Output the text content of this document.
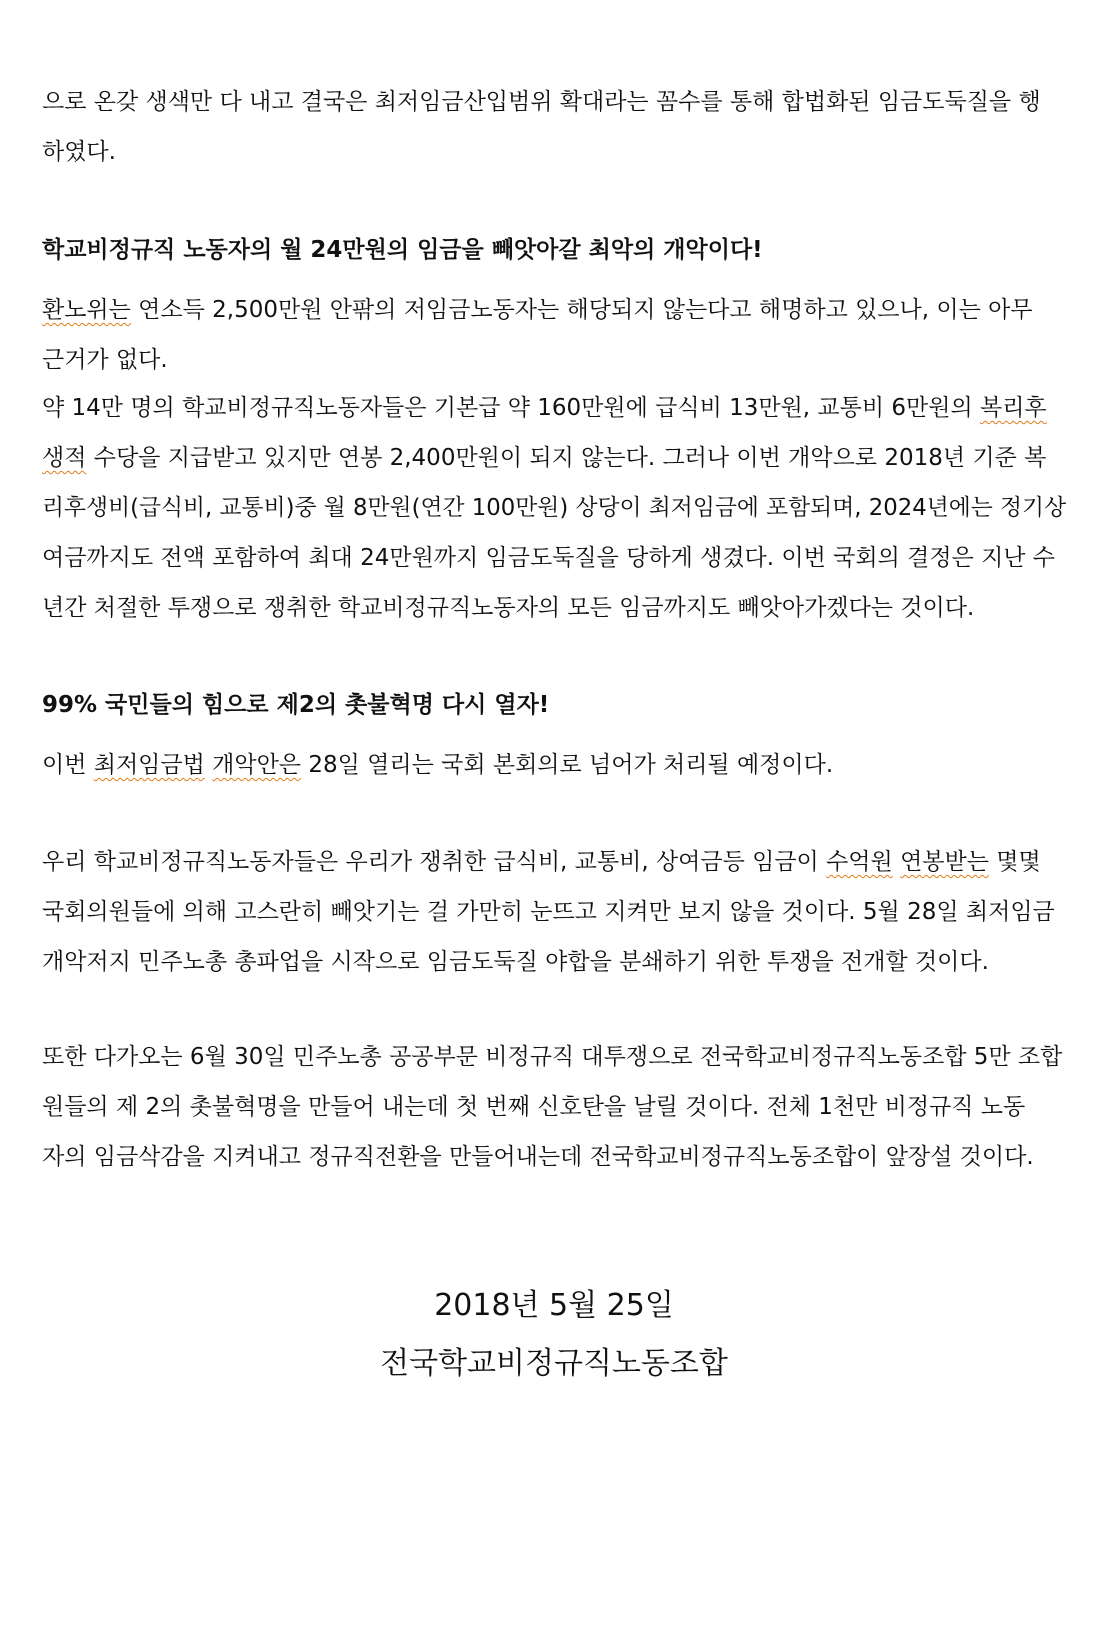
으로 온갖 생색만 다 내고 결국은 최저임금산입범위 확대라는 꼼수를 통해 합법화된 임금도둑질을 행
하였다.
학교비정규직 노동자의 월 24만원의 임금을 빼앗아갈 최악의 개악이다!
환노위는 연소득 2,500만원 안팎의 저임금노동자는 해당되지 않는다고 해명하고 있으나, 이는 아무
근거가 없다.
약 14만 명의 학교비정규직노동자들은 기본급 약 160만원에 급식비 13만원, 교통비 6만원의 복리후
생적 수당을 지급받고 있지만 연봉 2,400만원이 되지 않는다. 그러나 이번 개악으로 2018년 기준 복
리후생비(급식비, 교통비)중 월 8만원(연간 100만원) 상당이 최저임금에 포함되며, 2024년에는 정기상
여금까지도 전액 포함하여 최대 24만원까지 임금도둑질을 당하게 생겼다. 이번 국회의 결정은 지난 수
년간 처절한 투쟁으로 쟁취한 학교비정규직노동자의 모든 임금까지도 빼앗아가겠다는 것이다.
99% 국민들의 힘으로 제2의 촛불혁명 다시 열자!
이번 최저임금법 개악안은 28일 열리는 국회 본회의로 넘어가 처리될 예정이다.
우리 학교비정규직노동자들은 우리가 쟁취한 급식비, 교통비, 상여금등 임금이 수억원 연봉받는 몇몇
국회의원들에 의해 고스란히 빼앗기는 걸 가만히 눈뜨고 지켜만 보지 않을 것이다. 5월 28일 최저임금
개악저지 민주노총 총파업을 시작으로 임금도둑질 야합을 분쇄하기 위한 투쟁을 전개할 것이다.
또한 다가오는 6월 30일 민주노총 공공부문 비정규직 대투쟁으로 전국학교비정규직노동조합 5만 조합
원들의 제 2의 촛불혁명을 만들어 내는데 첫 번째 신호탄을 날릴 것이다. 전체 1천만 비정규직 노동
자의 임금삭감을 지켜내고 정규직전환을 만들어내는데 전국학교비정규직노동조합이 앞장설 것이다.
2018년 5월 25일
전국학교비정규직노동조합
